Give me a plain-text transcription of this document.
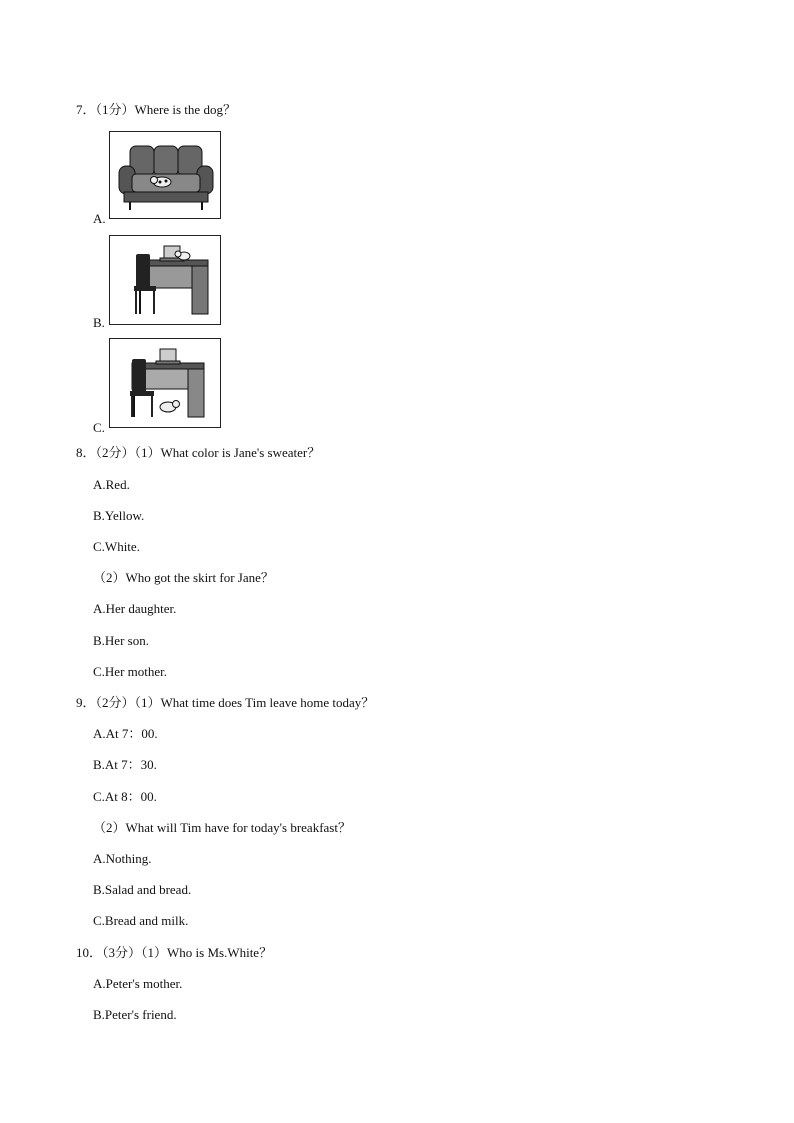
7．（1分）Where is the dog？
A.
B.
C.
8．（2分）（1）What color is Jane's sweater？
A.Red.
B.Yellow.
C.White.
（2）Who got the skirt for Jane？
A.Her daughter.
B.Her son.
C.Her mother.
9．（2分）（1）What time does Tim leave home today？
A.At 7：00.
B.At 7：30.
C.At 8：00.
（2）What will Tim have for today's breakfast？
A.Nothing.
B.Salad and bread.
C.Bread and milk.
10．（3分）（1）Who is Ms.White？
A.Peter's mother.
B.Peter's friend.
